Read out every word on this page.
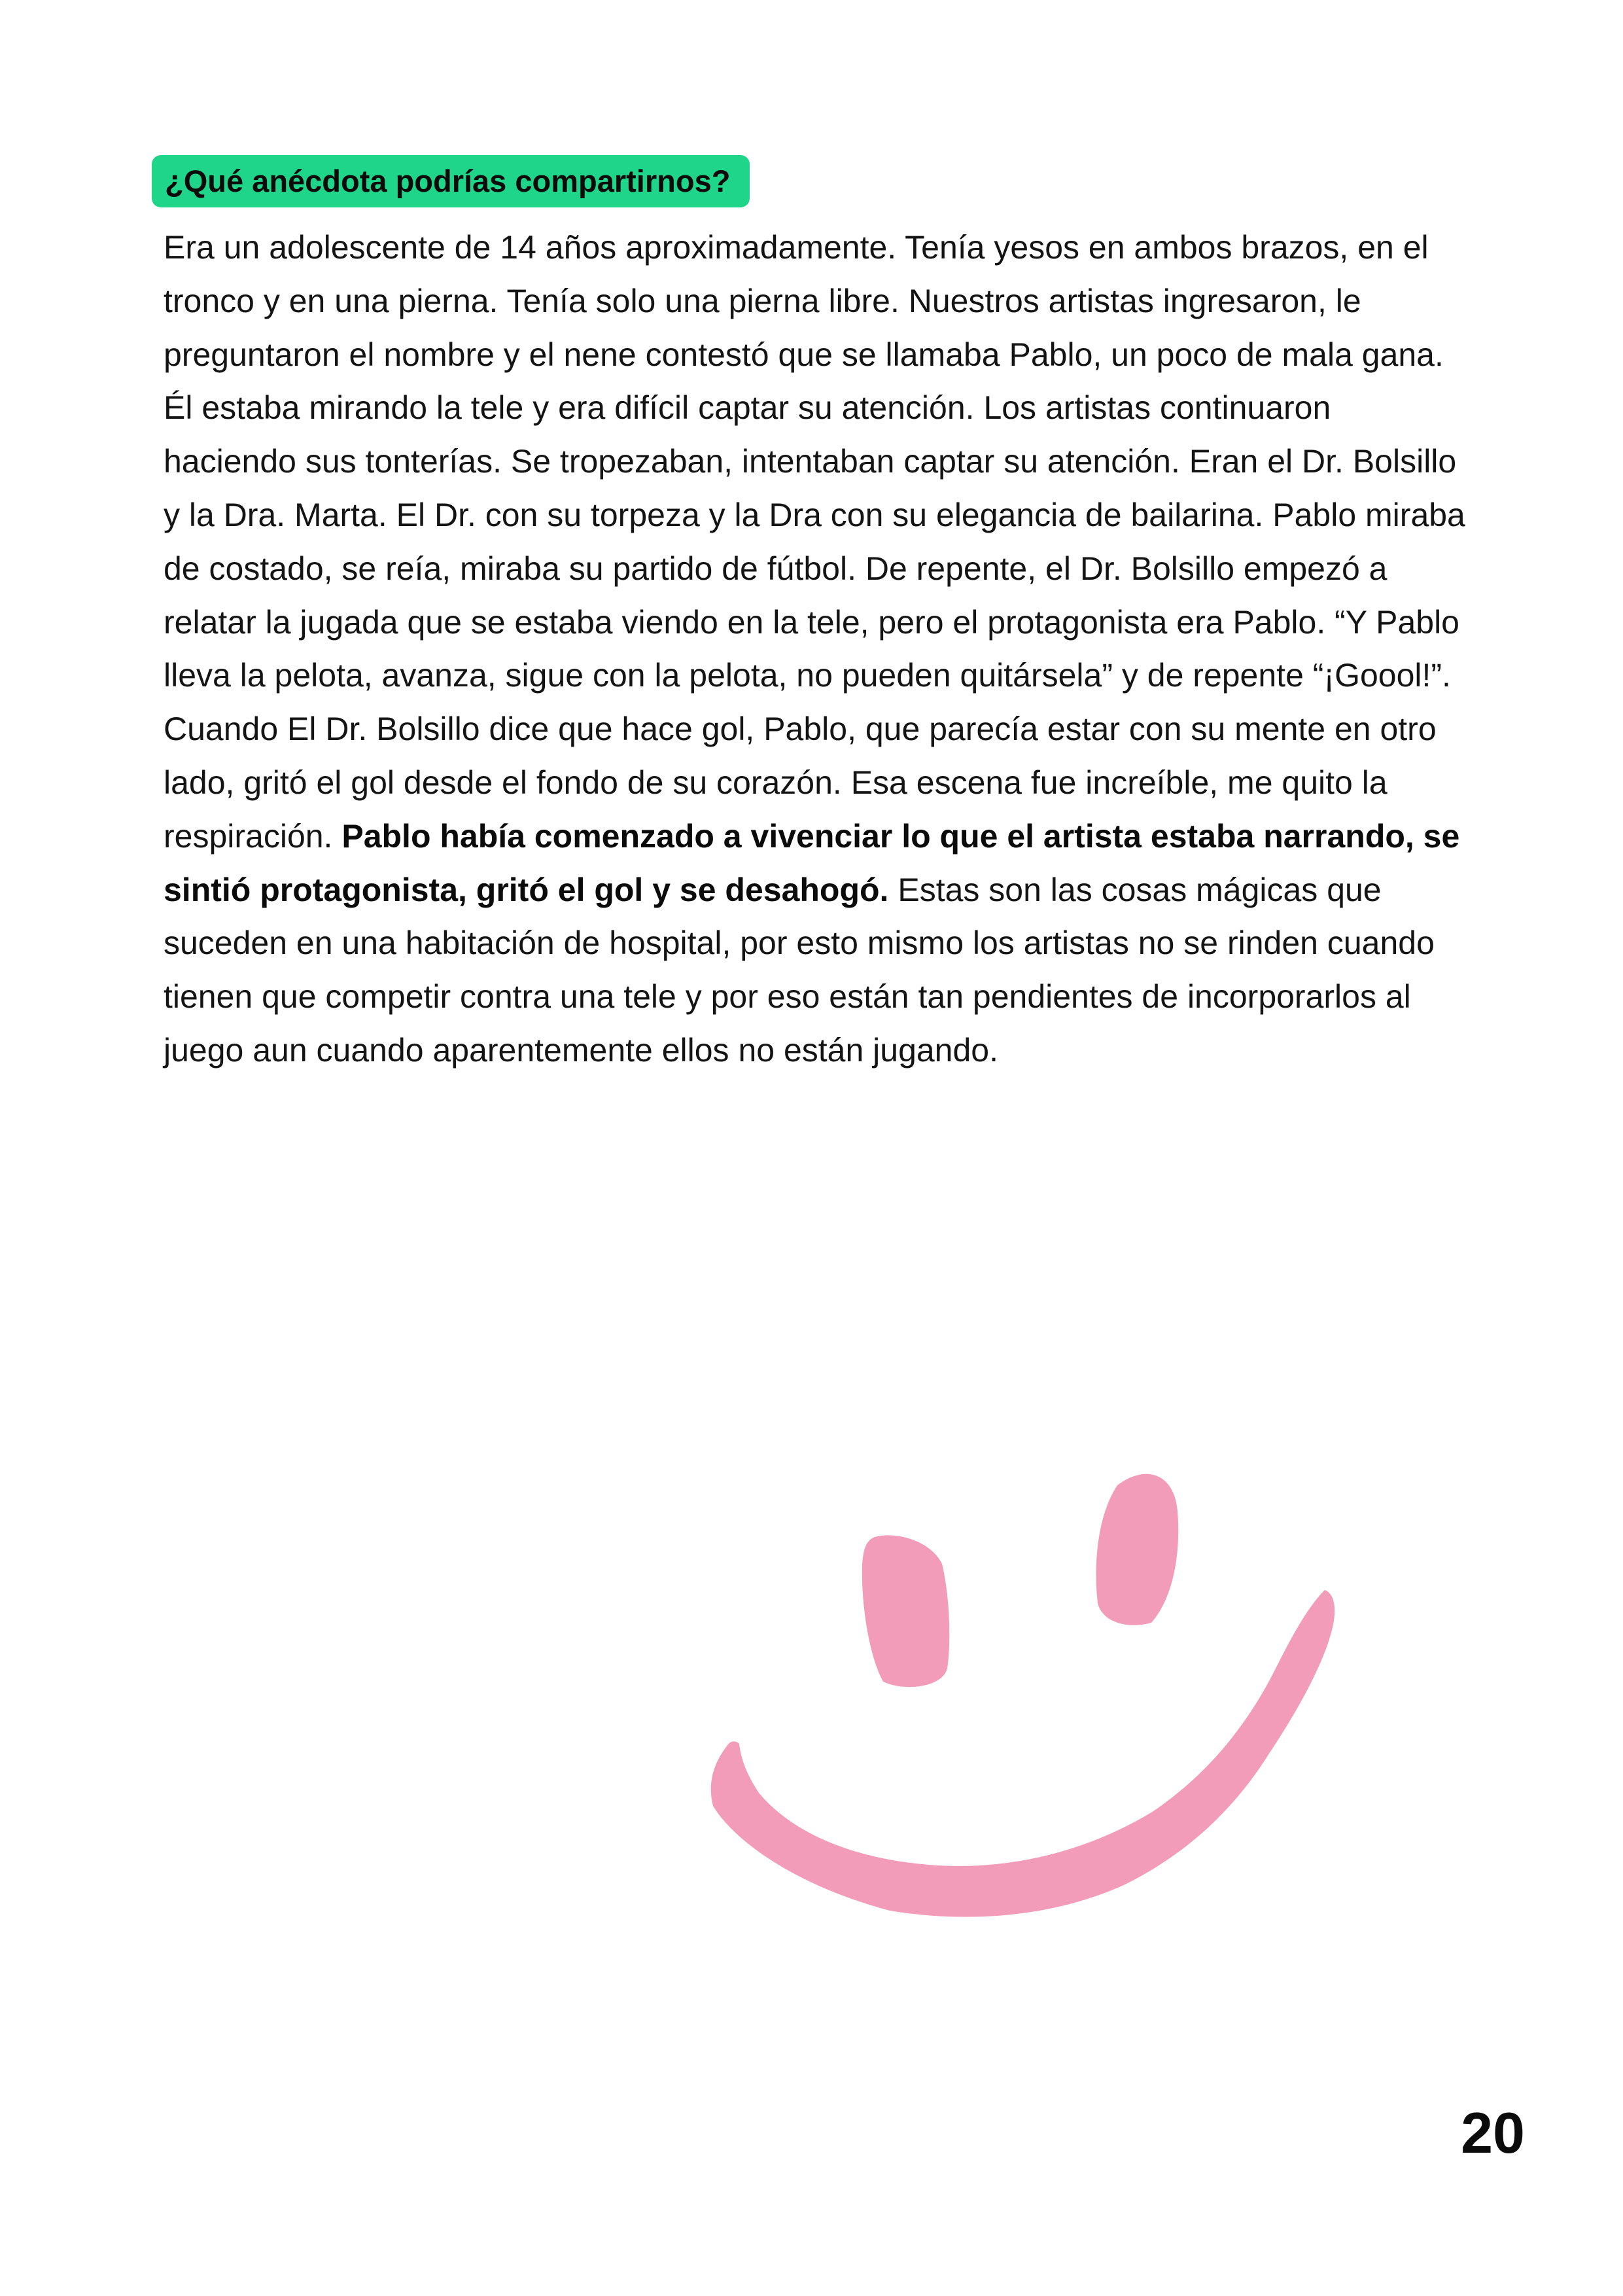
¿Qué anécdota podrías compartirnos?

Era un adolescente de 14 años aproximadamente. Tenía yesos en ambos brazos, en el tronco y en una pierna. Tenía solo una pierna libre. Nuestros artistas ingresaron, le preguntaron el nombre y el nene contestó que se llamaba Pablo, un poco de mala gana. Él estaba mirando la tele y era difícil captar su atención. Los artistas continuaron haciendo sus tonterías. Se tropezaban, intentaban captar su atención. Eran el Dr. Bolsillo y la Dra. Marta. El Dr. con su torpeza y la Dra con su elegancia de bailarina. Pablo miraba de costado, se reía, miraba su partido de fútbol. De repente, el Dr. Bolsillo empezó a relatar la jugada que se estaba viendo en la tele, pero el protagonista era Pablo. “Y Pablo lleva la pelota, avanza, sigue con la pelota, no pueden quitársela” y de repente “¡Goool!”. Cuando El Dr. Bolsillo dice que hace gol, Pablo, que parecía estar con su mente en otro lado, gritó el gol desde el fondo de su corazón. Esa escena fue increíble, me quito la respiración. Pablo había comenzado a vivenciar lo que el artista estaba narrando, se sintió protagonista, gritó el gol y se desahogó. Estas son las cosas mágicas que suceden en una habitación de hospital, por esto mismo los artistas no se rinden cuando tienen que competir contra una tele y por eso están tan pendientes de incorporarlos al juego aun cuando aparentemente ellos no están jugando.

20
